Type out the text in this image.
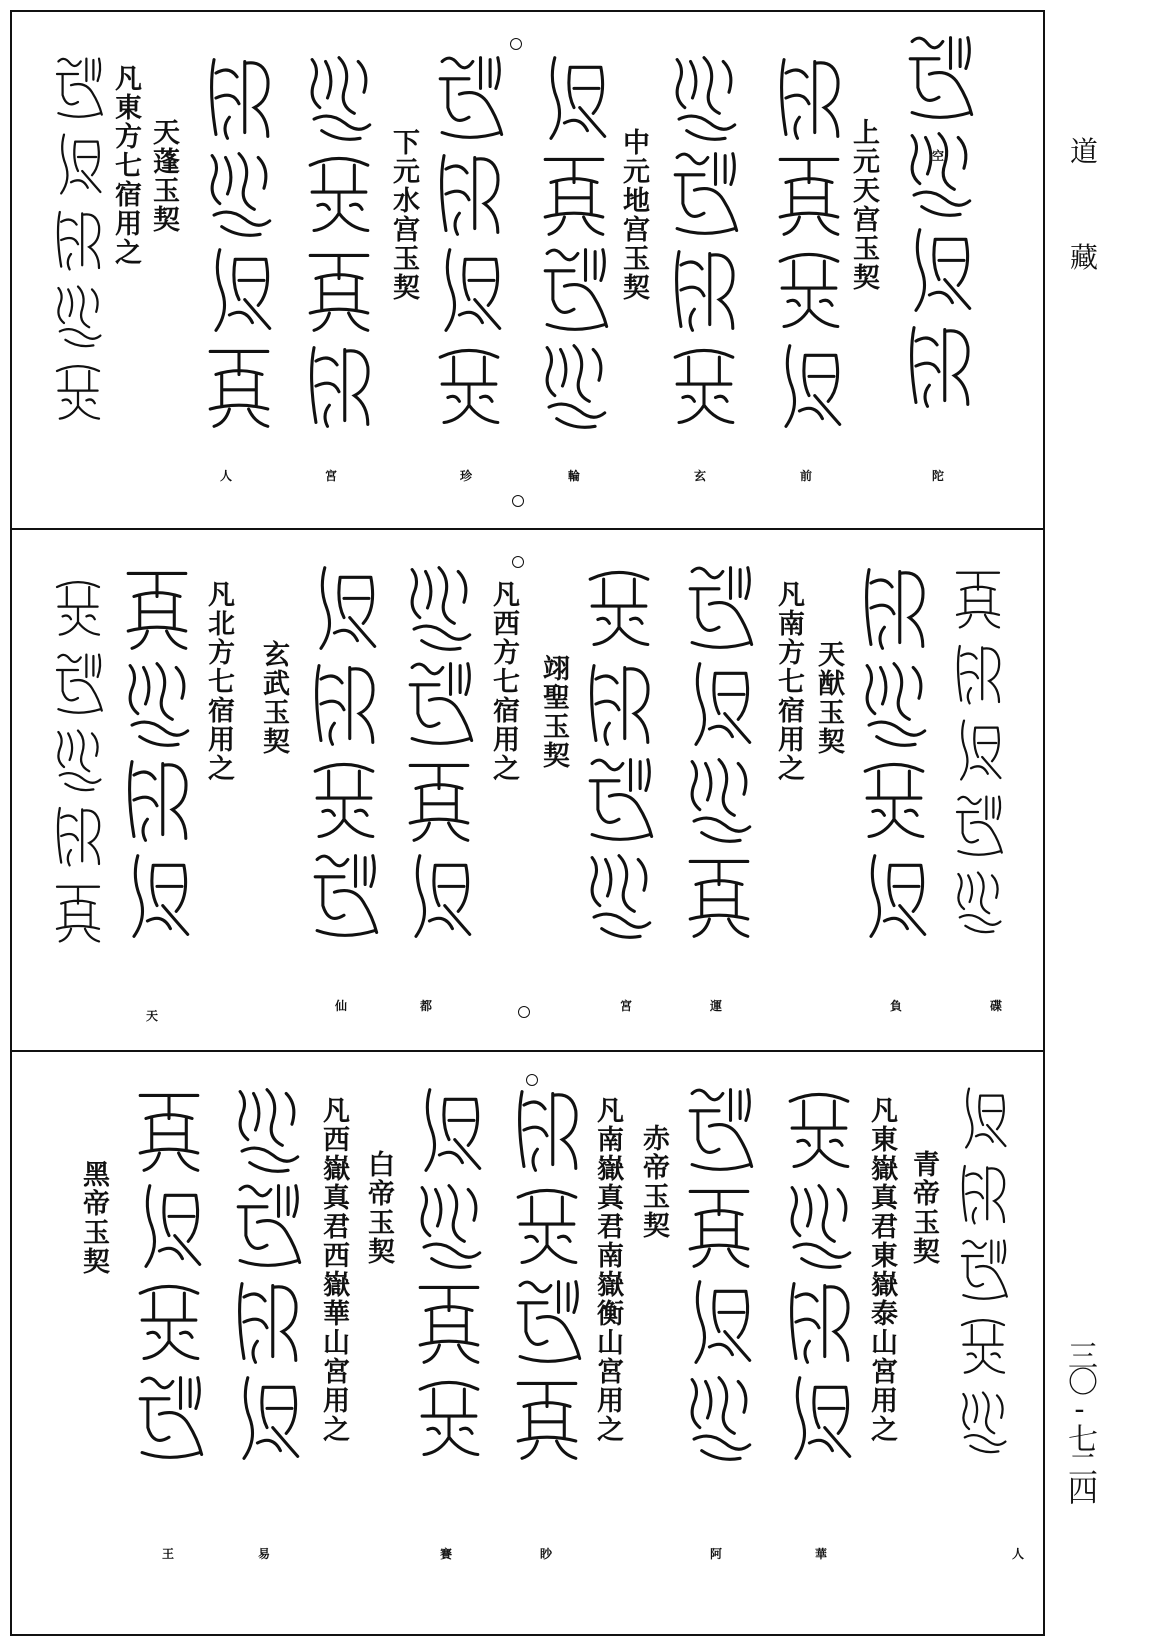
上元天宫玉契
中元地宫玉契
下元水宫玉契
天蓬玉契
凡東方七宿用之	空
陀
前
玄
輪
珍
宮
人
天猷玉契
凡南方七宿用之
翊聖玉契
凡西方七宿用之
玄武玉契
凡北方七宿用之
碟
負
運
宮
都
仙
天
青帝玉契
凡東嶽真君東嶽泰山宮用之
赤帝玉契
凡南嶽真君南嶽衡山宮用之
白帝玉契
凡西嶽真君西嶽華山宮用之
黑帝玉契
人
華
阿
眇
賽
易
王
道
藏
三〇-七二四
